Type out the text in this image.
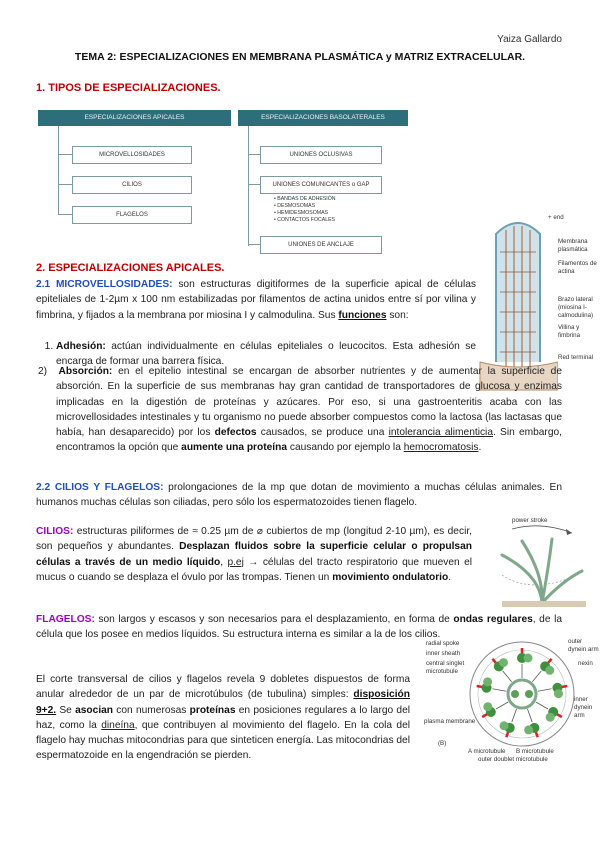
Yaiza Gallardo
TEMA 2: ESPECIALIZACIONES EN MEMBRANA PLASMÁTICA y MATRIZ EXTRACELULAR.
1. TIPOS DE ESPECIALIZACIONES.
ESPECIALIZACIONES APICALES	ESPECIALIZACIONES BASOLATERALES
MICROVELLOSIDADES
CILIOS
FLAGELOS
UNIONES OCLUSIVAS
UNIONES COMUNICANTES o GAP
• BANDAS DE ADHESIÓN
• DESMOSOMAS
• HEMIDESMOSOMAS
• CONTACTOS FOCALES
UNIONES DE ANCLAJE
+ end
Membrana plasmática
Filamentos de actina
Brazo lateral (miosina I-calmodulina)
Villina y fimbrina
Red terminal
2. ESPECIALIZACIONES APICALES.
2.1 MICROVELLOSIDADES: son estructuras digitiformes de la superficie apical de células epiteliales de 1-2µm x 100 nm estabilizadas por filamentos de actina unidos entre sí por vilina y fimbrina, y fijados a la membrana por miosina I y calmodulina. Sus funciones son:
1. Adhesión: actúan individualmente en células epiteliales o leucocitos. Esta adhesión se encarga de formar una barrera física.
2)  Absorción: en el epitelio intestinal se encargan de absorber nutrientes y de aumentar la superficie de absorción. En la superficie de sus membranas hay gran cantidad de transportadores de glucosa y enzimas implicadas en la digestión de proteínas y azúcares. Por eso, si una gastroenteritis acaba con las microvellosidades intestinales y tu organismo no puede absorber compuestos como la lactosa (las lactasas que había, han desaparecido) por los defectos causados, se produce una intolerancia alimenticia. Sin embargo, encontramos la opción que aumente una proteína causando por ejemplo la hemocromatosis.
2.2 CILIOS Y FLAGELOS: prolongaciones de la mp que dotan de movimiento a muchas células animales. En humanos muchas células son ciliadas, pero sólo los espermatozoides tienen flagelo.
CILIOS: estructuras piliformes de ≈ 0.25 µm de ⌀ cubiertos de mp (longitud 2-10 µm), es decir, son pequeños y abundantes. Desplazan fluidos sobre la superficie celular o propulsan células a través de un medio líquido, p.ej → células del tracto respiratorio que mueven el mucus o cuando se desplaza el óvulo por las trompas. Tienen un movimiento ondulatorio.
power stroke
FLAGELOS: son largos y escasos y son necesarios para el desplazamiento, en forma de ondas regulares, de la célula que los posee en medios líquidos. Su estructura interna es similar a la de los cilios.
El corte transversal de cilios y flagelos revela 9 dobletes dispuestos de forma anular alrededor de un par de microtúbulos (de tubulina) simples: disposición 9+2. Se asocian con numerosas proteínas en posiciones regulares a lo largo del haz, como la dineína, que contribuyen al movimiento del flagelo. En la cola del flagelo hay muchas mitocondrias para que sinteticen energía. Las mitocondrias del espermatozoide en la engendración se pierden.
radial spoke
inner sheath
central singlet microtubule
outer dynein arm
nexin
inner dynein arm
plasma membrane
(B)
A microtubule B microtubule
outer doublet microtubule
